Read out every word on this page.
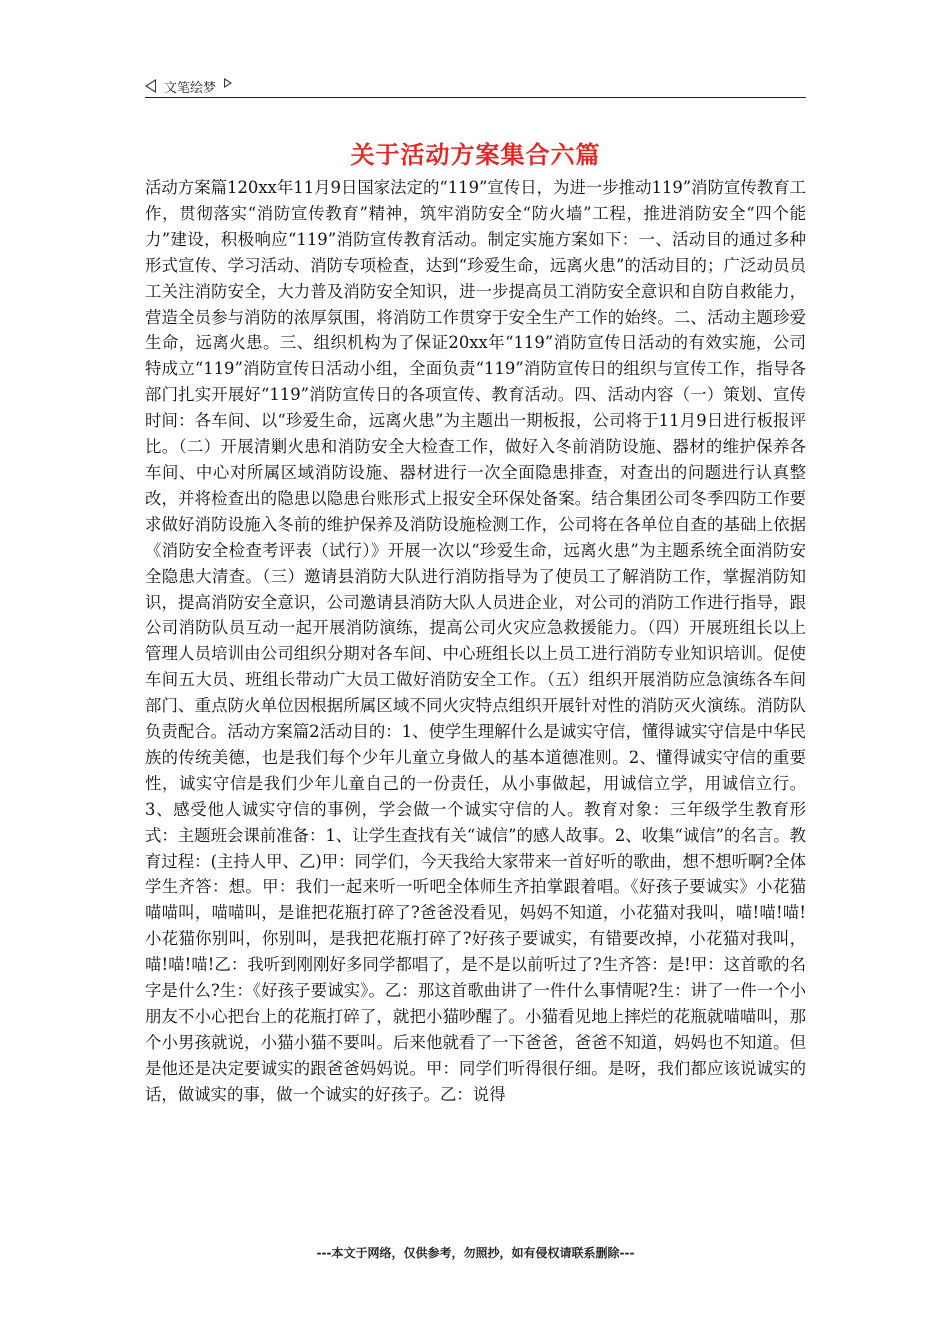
文笔绘梦
关于活动方案集合六篇
活动方案篇120xx年11月9日国家法定的“119”宣传日，为进一步推动119”消防宣传教育工作，贯彻落实“消防宣传教育”精神，筑牢消防安全“防火墙”工程，推进消防安全“四个能力”建设，积极响应“119”消防宣传教育活动。制定实施方案如下：一、活动目的通过多种形式宣传、学习活动、消防专项检查，达到“珍爱生命，远离火患”的活动目的；广泛动员员工关注消防安全，大力普及消防安全知识，进一步提高员工消防安全意识和自防自救能力，营造全员参与消防的浓厚氛围，将消防工作贯穿于安全生产工作的始终。二、活动主题珍爱生命，远离火患。三、组织机构为了保证20xx年“119”消防宣传日活动的有效实施，公司特成立“119”消防宣传日活动小组，全面负责“119”消防宣传日的组织与宣传工作，指导各部门扎实开展好“119”消防宣传日的各项宣传、教育活动。四、活动内容（一）策划、宣传时间：各车间、以“珍爱生命，远离火患”为主题出一期板报，公司将于11月9日进行板报评比。（二）开展清剿火患和消防安全大检查工作，做好入冬前消防设施、器材的维护保养各车间、中心对所属区域消防设施、器材进行一次全面隐患排查，对查出的问题进行认真整改，并将检查出的隐患以隐患台账形式上报安全环保处备案。结合集团公司冬季四防工作要求做好消防设施入冬前的维护保养及消防设施检测工作，公司将在各单位自查的基础上依据《消防安全检查考评表（试行）》开展一次以“珍爱生命，远离火患”为主题系统全面消防安全隐患大清查。（三）邀请县消防大队进行消防指导为了使员工了解消防工作，掌握消防知识，提高消防安全意识，公司邀请县消防大队人员进企业，对公司的消防工作进行指导，跟公司消防队员互动一起开展消防演练，提高公司火灾应急救援能力。（四）开展班组长以上管理人员培训由公司组织分期对各车间、中心班组长以上员工进行消防专业知识培训。促使车间五大员、班组长带动广大员工做好消防安全工作。（五）组织开展消防应急演练各车间部门、重点防火单位因根据所属区域不同火灾特点组织开展针对性的消防灭火演练。消防队负责配合。活动方案篇2活动目的：1、使学生理解什么是诚实守信，懂得诚实守信是中华民族的传统美德，也是我们每个少年儿童立身做人的基本道德准则。2、懂得诚实守信的重要性，诚实守信是我们少年儿童自己的一份责任，从小事做起，用诚信立学，用诚信立行。3、感受他人诚实守信的事例，学会做一个诚实守信的人。教育对象：三年级学生教育形式：主题班会课前准备：1、让学生查找有关“诚信”的感人故事。2、收集“诚信”的名言。教育过程：(主持人甲、乙)甲：同学们，今天我给大家带来一首好听的歌曲，想不想听啊?全体学生齐答：想。甲：我们一起来听一听吧全体师生齐拍掌跟着唱。《好孩子要诚实》小花猫喵喵叫，喵喵叫，是谁把花瓶打碎了?爸爸没看见，妈妈不知道，小花猫对我叫，喵!喵!喵!小花猫你别叫，你别叫，是我把花瓶打碎了?好孩子要诚实，有错要改掉，小花猫对我叫，喵!喵!喵!乙：我听到刚刚好多同学都唱了，是不是以前听过了?生齐答：是!甲：这首歌的名字是什么?生：《好孩子要诚实》。乙：那这首歌曲讲了一件什么事情呢?生：讲了一件一个小朋友不小心把台上的花瓶打碎了，就把小猫吵醒了。小猫看见地上摔烂的花瓶就喵喵叫，那个小男孩就说，小猫小猫不要叫。后来他就看了一下爸爸，爸爸不知道，妈妈也不知道。但是他还是决定要诚实的跟爸爸妈妈说。甲：同学们听得很仔细。是呀，我们都应该说诚实的话，做诚实的事，做一个诚实的好孩子。乙：说得
---本文于网络，仅供参考，勿照抄，如有侵权请联系删除---
